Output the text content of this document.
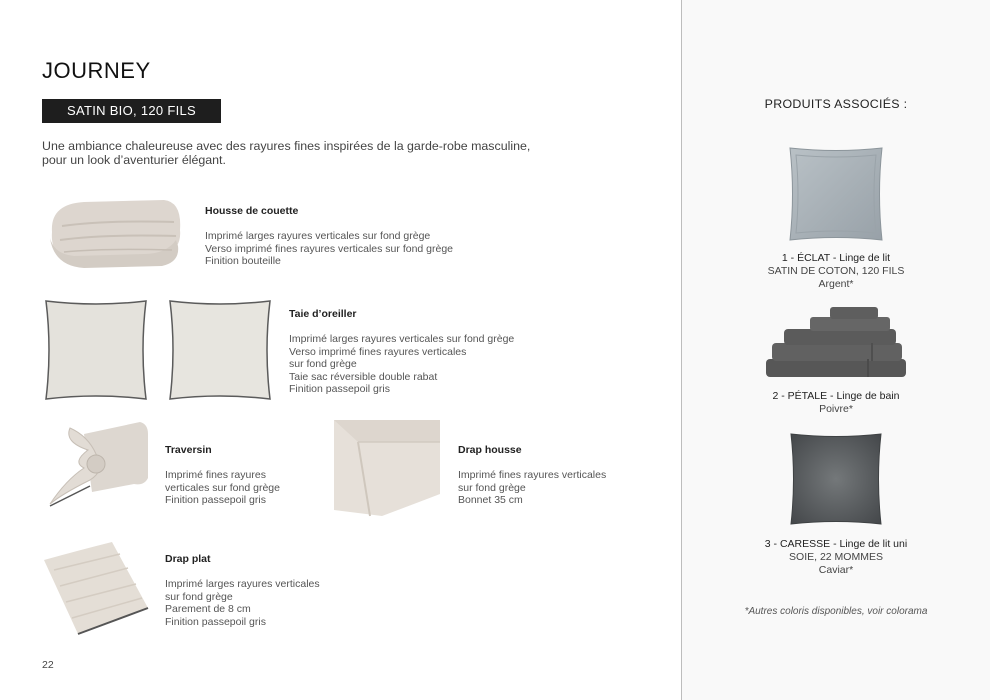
JOURNEY
SATIN BIO, 120 FILS
Une ambiance chaleureuse avec des rayures fines inspirées de la garde-robe masculine,
pour un look d’aventurier élégant.
Housse de couette
Imprimé larges rayures verticales sur fond grège
Verso imprimé fines rayures verticales sur fond grège
Finition bouteille
Taie d’oreiller
Imprimé larges rayures verticales sur fond grège
Verso imprimé fines rayures verticales
sur fond grège
Taie sac réversible double rabat
Finition passepoil gris
Traversin
Imprimé fines rayures
verticales sur fond grège
Finition passepoil gris
Drap housse
Imprimé fines rayures verticales
sur fond grège
Bonnet 35 cm
Drap plat
Imprimé larges rayures verticales
sur fond grège
Parement de 8 cm
Finition passepoil gris
22
PRODUITS ASSOCIÉS :
1 - ÉCLAT - Linge de lit
SATIN DE COTON, 120 FILS
Argent*
2 - PÉTALE - Linge de bain
Poivre*
3 - CARESSE - Linge de lit uni
SOIE, 22 MOMMES
Caviar*
*Autres coloris disponibles, voir colorama
